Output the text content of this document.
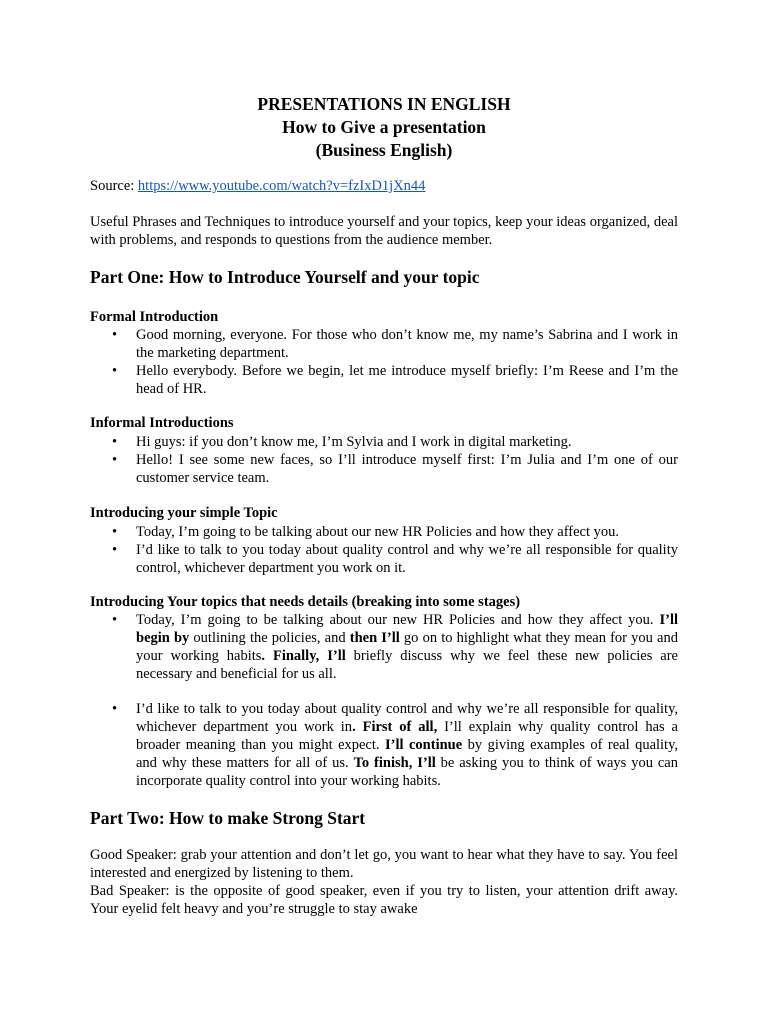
PRESENTATIONS IN ENGLISH
How to Give a presentation
(Business English)
Source: https://www.youtube.com/watch?v=fzIxD1jXn44
Useful Phrases and Techniques to introduce yourself and your topics, keep your ideas organized, deal with problems, and responds to questions from the audience member.
Part One: How to Introduce Yourself and your topic
Formal Introduction
• Good morning, everyone. For those who don’t know me, my name’s Sabrina and I work in the marketing department.
• Hello everybody. Before we begin, let me introduce myself briefly: I’m Reese and I’m the head of HR.
Informal Introductions
• Hi guys: if you don’t know me, I’m Sylvia and I work in digital marketing.
• Hello! I see some new faces, so I’ll introduce myself first: I’m Julia and I’m one of our customer service team.
Introducing your simple Topic
• Today, I’m going to be talking about our new HR Policies and how they affect you.
• I’d like to talk to you today about quality control and why we’re all responsible for quality control, whichever department you work on it.
Introducing Your topics that needs details (breaking into some stages)
• Today, I’m going to be talking about our new HR Policies and how they affect you. I’ll begin by outlining the policies, and then I’ll go on to highlight what they mean for you and your working habits. Finally, I’ll briefly discuss why we feel these new policies are necessary and beneficial for us all.
• I’d like to talk to you today about quality control and why we’re all responsible for quality, whichever department you work in. First of all, I’ll explain why quality control has a broader meaning than you might expect. I’ll continue by giving examples of real quality, and why these matters for all of us. To finish, I’ll be asking you to think of ways you can incorporate quality control into your working habits.
Part Two: How to make Strong Start
Good Speaker: grab your attention and don’t let go, you want to hear what they have to say. You feel interested and energized by listening to them.
Bad Speaker: is the opposite of good speaker, even if you try to listen, your attention drift away. Your eyelid felt heavy and you’re struggle to stay awake
